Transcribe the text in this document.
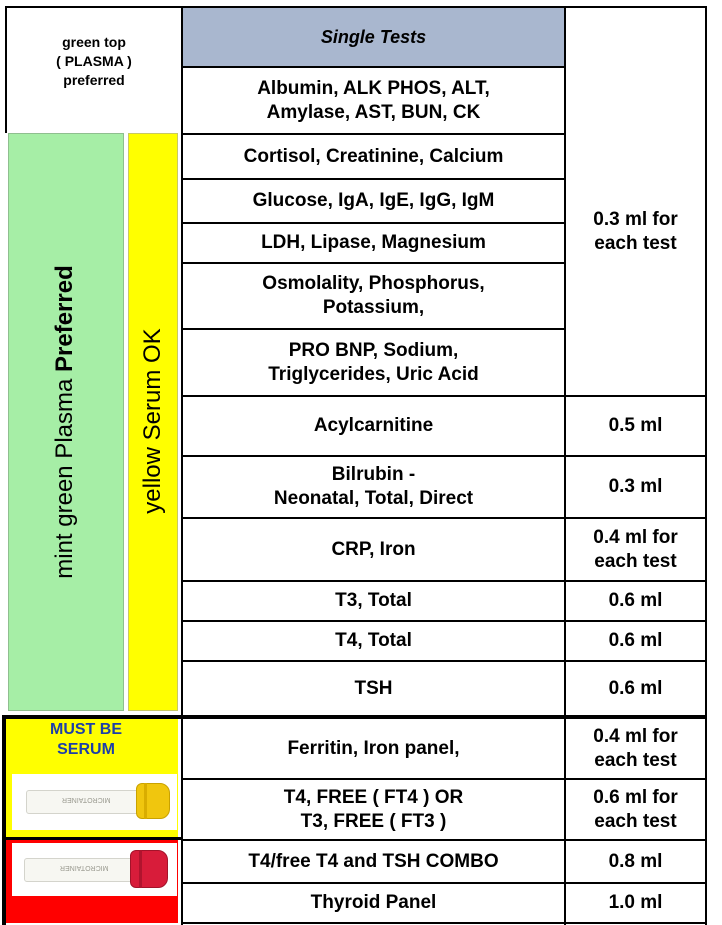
green top
( PLASMA )
preferred
mint green Plasma Preferred
yellow Serum OK
MUST BE
SERUM
MICROTAINER
MICROTAINER
Single Tests
Albumin, ALK PHOS, ALT,
Amylase, AST, BUN, CK
Cortisol, Creatinine, Calcium
Glucose, IgA, IgE, IgG, IgM
LDH, Lipase, Magnesium
Osmolality, Phosphorus,
Potassium,
PRO BNP, Sodium,
Triglycerides, Uric Acid
Acylcarnitine
Bilrubin -
Neonatal, Total, Direct
CRP, Iron
T3, Total
T4, Total
TSH
Ferritin, Iron panel,
T4, FREE ( FT4 ) OR
T3, FREE ( FT3 )
T4/free T4 and TSH COMBO
Thyroid Panel
0.3 ml for
each test
0.5 ml
0.3 ml
0.4 ml for
each test
0.6 ml
0.6 ml
0.6 ml
0.4 ml for
each test
0.6 ml for
each test
0.8 ml
1.0 ml
